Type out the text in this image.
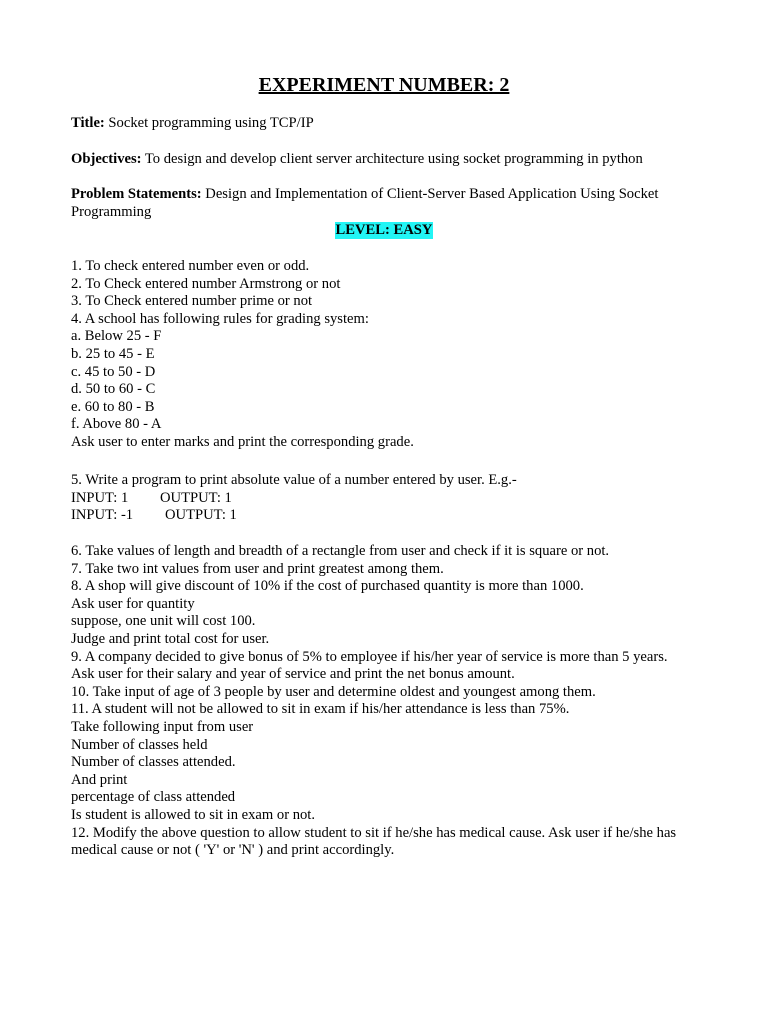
EXPERIMENT NUMBER: 2
Title: Socket programming using TCP/IP
Objectives: To design and develop client server architecture using socket programming in python
Problem Statements: Design and Implementation of Client-Server Based Application Using Socket Programming
LEVEL: EASY
1. To check entered number even or odd.
2. To Check entered number Armstrong or not
3. To Check entered number prime or not
4. A school has following rules for grading system:
a. Below 25 - F
b. 25 to 45 - E
c. 45 to 50 - D
d. 50 to 60 - C
e. 60 to 80 - B
f. Above 80 - A
Ask user to enter marks and print the corresponding grade.
5. Write a program to print absolute value of a number entered by user. E.g.-
INPUT: 1 OUTPUT: 1
INPUT: -1 OUTPUT: 1
6. Take values of length and breadth of a rectangle from user and check if it is square or not.
7. Take two int values from user and print greatest among them.
8. A shop will give discount of 10% if the cost of purchased quantity is more than 1000.
Ask user for quantity
suppose, one unit will cost 100.
Judge and print total cost for user.
9. A company decided to give bonus of 5% to employee if his/her year of service is more than 5 years.
Ask user for their salary and year of service and print the net bonus amount.
10. Take input of age of 3 people by user and determine oldest and youngest among them.
11. A student will not be allowed to sit in exam if his/her attendance is less than 75%.
Take following input from user
Number of classes held
Number of classes attended.
And print
percentage of class attended
Is student is allowed to sit in exam or not.
12. Modify the above question to allow student to sit if he/she has medical cause. Ask user if he/she has medical cause or not ( 'Y' or 'N' ) and print accordingly.
